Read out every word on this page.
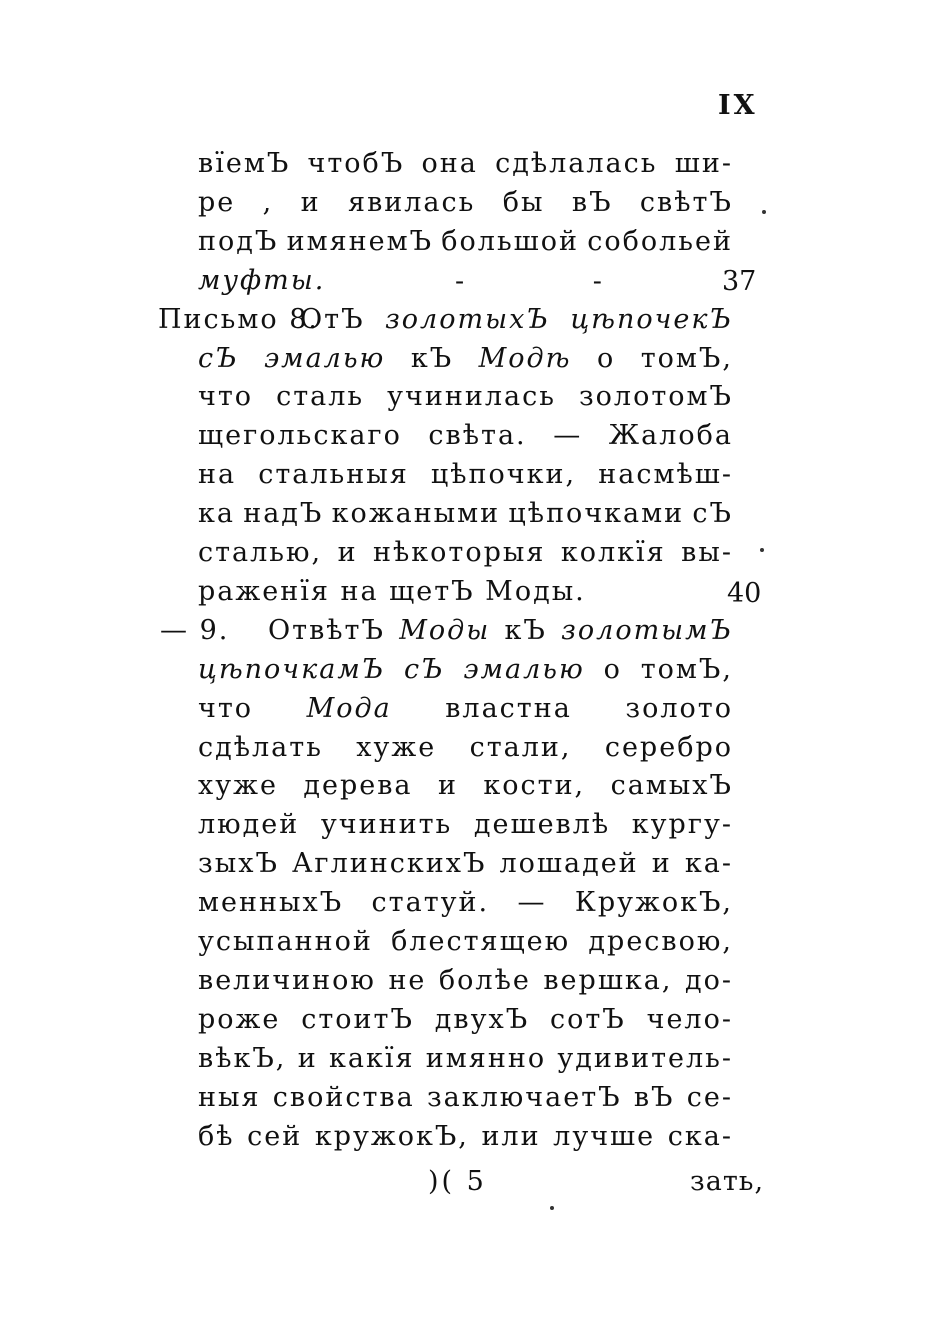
IX
вїемЪ чтобЪ она сдѣлалась ши-
ре , и явилась бы вЪ свѣтЪ
подЪ имянемЪ большой собольей
муфты.
Письмо 8.
ОтЪ золотыхЪ цѣпочекЪ
сЪ эмалью кЪ Модѣ о томЪ,
что сталь учинилась золотомЪ
щегольскаго свѣта. — Жалоба
на стальныя цѣпочки, насмѣш-
ка надЪ кожаными цѣпочками сЪ
сталью, и нѣкоторыя колкїя вы-
раженїя на щетЪ Моды.
— 9. ОтвѣтЪ Моды кЪ золотымЪ
цѣпочкамЪ сЪ эмалью о томЪ,
что Мода властна золото
сдѣлать хуже стали, серебро
хуже дерева и кости, самыхЪ
людей учинить дешевлѣ кургу-
зыхЪ АглинскихЪ лошадей и ка-
менныхЪ статуй. — КружокЪ,
усыпанной блестящею дресвою,
величиною не болѣе вершка, до-
роже стоитЪ двухЪ сотЪ чело-
вѣкЪ, и какїя имянно удивитель-
ныя свойства заключаетЪ вЪ се-
бѣ сей кружокЪ, или лучше ска-
- - 37
40
)( 5	зать,
